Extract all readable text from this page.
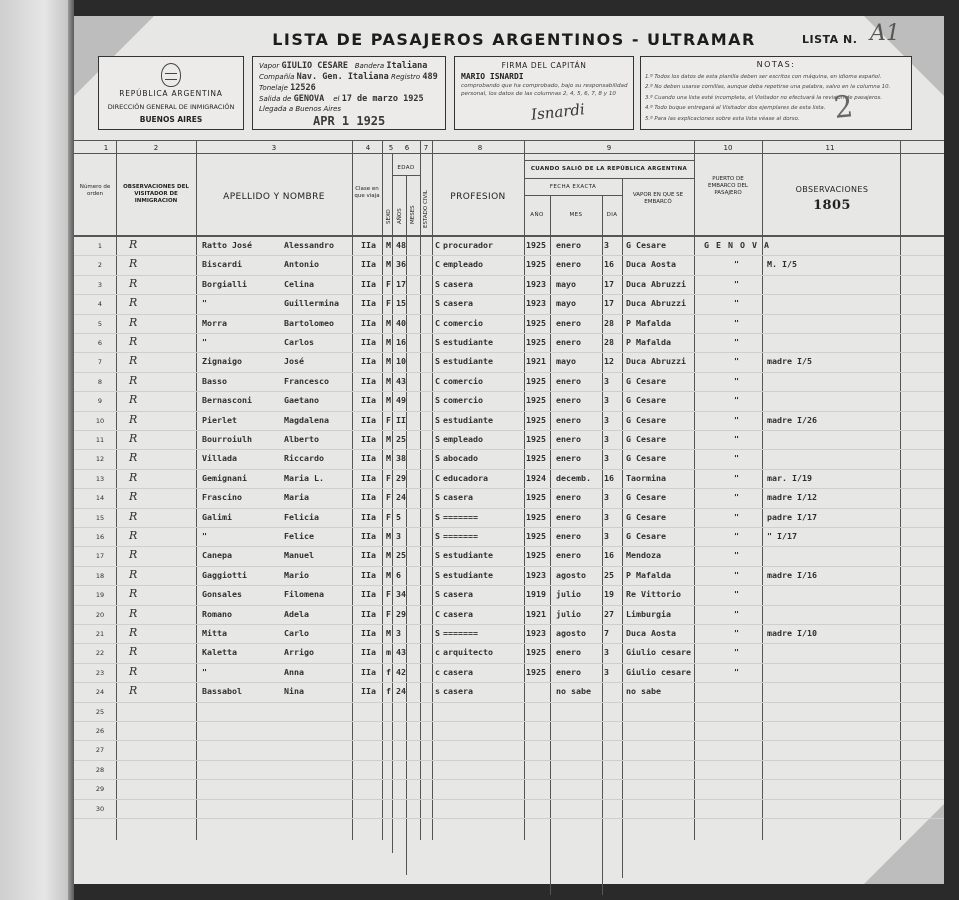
LISTA DE PASAJEROS ARGENTINOS - ULTRAMAR	LISTA N. A1
REPÚBLICA ARGENTINA
DIRECCIÓN GENERAL DE INMIGRACIÓN
BUENOS AIRES
Vapor GIULIO CESARE Bandera Italiana
Compañía Nav. Gen. Italiana Registro 489
Tonelaje 12526
Salida de GENOVA el 17 de marzo 1925
Llegada a Buenos Aires
APR 1 1925
FIRMA DEL CAPITÁN
MARIO ISNARDI
comprobando que ha comprobado, bajo su responsabilidad personal, los datos de las columnas 2, 4, 5, 6, 7, 8 y 10
Isnardi
NOTAS:
1.º Todos los datos de esta planilla deben ser escritos con máquina, en idioma español.
2.º No deben usarse comillas, aunque deba repetirse una palabra, salvo en la columna 10.
3.º Cuando una lista esté incompleta, el Visitador no efectuará la revisión de pasajeros.
4.º Todo buque entregará al Visitador dos ejemplares de esta lista.
5.º Para las explicaciones sobre esta lista véase al dorso.	2
1	2	3	4	5	6	7	8	9	10	11
Número de orden
OBSERVACIONES DEL VISITADOR DE INMIGRACION	APELLIDO Y NOMBRE
Clase en que viaja
EDAD
SEXO AÑOS MESES ESTADO CIVIL	PROFESION
CUANDO SALIÓ DE LA REPÚBLICA ARGENTINA
FECHA EXACTA
AÑO	MES	DIA
VAPOR EN QUE SE EMBARCÓ
PUERTO DE EMBARCO DEL PASAJERO	OBSERVACIONES
1805
1	R	Ratto José	Alessandro	IIa M 48	C procurador	1925 enero	3 G Cesare	G E N O V A
2	R	Biscardi	Antonio	IIa M 36	C empleado	1925 enero	16 Duca Aosta	"	M. I/5
3	R	Borgialli	Celina	IIa F 17	S casera	1923 mayo	17 Duca Abruzzi	"
4	R	"	Guillermina	IIa F 15	S casera	1923 mayo	17 Duca Abruzzi	"
5	R	Morra	Bartolomeo	IIa M 40	C comercio	1925 enero	28 P Mafalda	"
6	R	"	Carlos	IIa M 16	S estudiante	1925 enero	28 P Mafalda	"
7	R	Zignaigo	José	IIa M 10	S estudiante	1921 mayo	12 Duca Abruzzi	"	madre I/5
8	R	Basso	Francesco	IIa M 43	C comercio	1925 enero	3 G Cesare	"
9	R	Bernasconi	Gaetano	IIa M 49	S comercio	1925 enero	3 G Cesare	"
10	R	Pierlet	Magdalena	IIa F II	S estudiante	1925 enero	3 G Cesare	"	madre I/26
11	R	Bourroiulh	Alberto	IIa M 25	S empleado	1925 enero	3 G Cesare	"
12	R	Villada	Riccardo	IIa M 38	S abocado	1925 enero	3 G Cesare	"
13	R	Gemignani	Maria L.	IIa F 29	C educadora	1924 decemb. 16 Taormina	"	mar. I/19
14	R	Frascino	Maria	IIa F 24	S casera	1925 enero	3 G Cesare	"	madre I/12
15	R	Galimi	Felicia	IIa F 5	S =======	1925 enero	3 G Cesare	"	padre I/17
16	R	"	Felice	IIa M 3	S =======	1925 enero	3 G Cesare	"	" I/17
17	R	Canepa	Manuel	IIa M 25	S estudiante	1925 enero	16 Mendoza	"
18	R	Gaggiotti	Mario	IIa M 6	S estudiante	1923 agosto 25 P Mafalda	"	madre I/16
19	R	Gonsales	Filomena	IIa F 34	S casera	1919 julio	19 Re Vittorio	"
20	R	Romano	Adela	IIa F 29	C casera	1921 julio	27 Limburgia	"
21	R	Mitta	Carlo	IIa M 3	S =======	1923 agosto 7 Duca Aosta	"	madre I/10
22	R	Kaletta	Arrigo	IIa m 43	c arquitecto	1925 enero	3 Giulio cesare	"
23	R	"	Anna	IIa f 42	c casera	1925 enero	3 Giulio cesare	"
24	R	Bassabol	Nina	IIa f 24	s casera	no sabe	no sabe
25
26
27
28
29
30
